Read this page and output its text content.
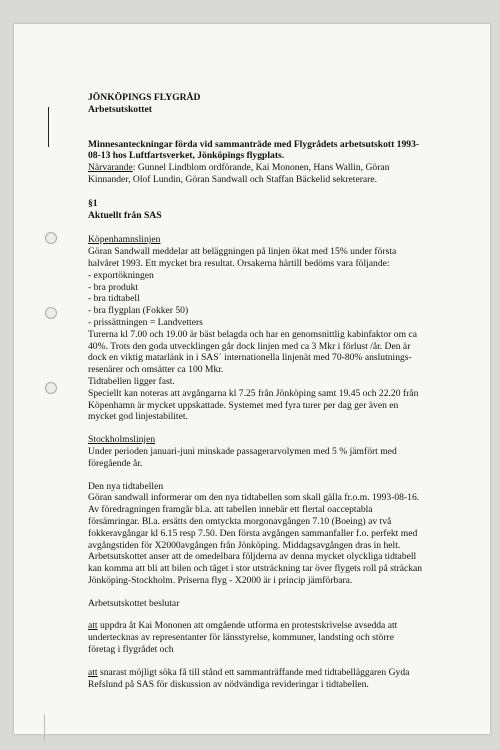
JÖNKÖPINGS FLYGRÅD

Arbetsutskottet

Minnesanteckningar förda vid sammanträde med Flygrådets arbetsutskott 1993-

08-13 hos Luftfartsverket, Jönköpings flygplats.

Närvarande: Gunnel Lindblom ordförande, Kai Mononen, Hans Wallin, Göran

Kinnander, Olof Lundin, Göran Sandwall och Staffan Bäckelid sekreterare.

§1

Aktuellt från SAS

Köpenhamnslinjen

Göran Sandwall meddelar att beläggningen på linjen ökat med 15% under första

halvåret 1993. Ett mycket bra resultat. Orsakerna härtill bedöms vara följande:

- exportökningen

- bra produkt

- bra tidtabell

- bra flygplan (Fokker 50)

- prissättningen = Landvetters

Turerna kl 7.00 och 19.00 är bäst belagda och har en genomsnittlig kabinfaktor om ca

40%. Trots den goda utvecklingen går dock linjen med ca 3 Mkr i förlust /år. Den är

dock en viktig matarlänk in i SAS´ internationella linjenät med 70-80% anslutnings-

resenärer och omsätter ca 100 Mkr.

Tidtabellen ligger fast.

Speciellt kan noteras att avgångarna kl 7.25 från Jönköping samt 19.45 och 22.20 från

Köpenhamn är mycket uppskattade. Systemet med fyra turer per dag ger även en

mycket god linjestabilitet.

Stockholmslinjen

Under perioden januari-juni minskade passagerarvolymen med 5 % jämfört med

föregående år.

Den nya tidtabellen

Göran sandwall informerar om den nya tidtabellen som skall gälla fr.o.m. 1993-08-16.

Av föredragningen framgår bl.a. att tabellen innebär ett flertal oacceptabla

försämringar. Bl.a. ersätts den omtyckta morgonavgången 7.10 (Boeing) av två

fokkeravgångar kl 6.15 resp 7.50. Den första avgången sammanfaller f.o. perfekt med

avgångstiden för X2000avgången från Jönköping. Middagsavgången dras in helt.

Arbetsutskottet anser att de omedelbara följderna av denna mycket olyckliga tidtabell

kan komma att bli att bilen och tåget i stor utsträckning tar över flygets roll på sträckan

Jönköping-Stockholm. Priserna flyg - X2000 är i princip jämförbara.

Arbetsutskottet beslutar

att uppdra åt Kai Mononen att omgående utforma en protestskrivelse avsedda att

undertecknas av representanter för länsstyrelse, kommuner, landsting och större

företag i flygrådet och

att snarast möjligt söka få till stånd ett sammanträffande med tidtabelläggaren Gyda

Refslund på SAS för diskussion av nödvändiga revideringar i tidtabellen.
